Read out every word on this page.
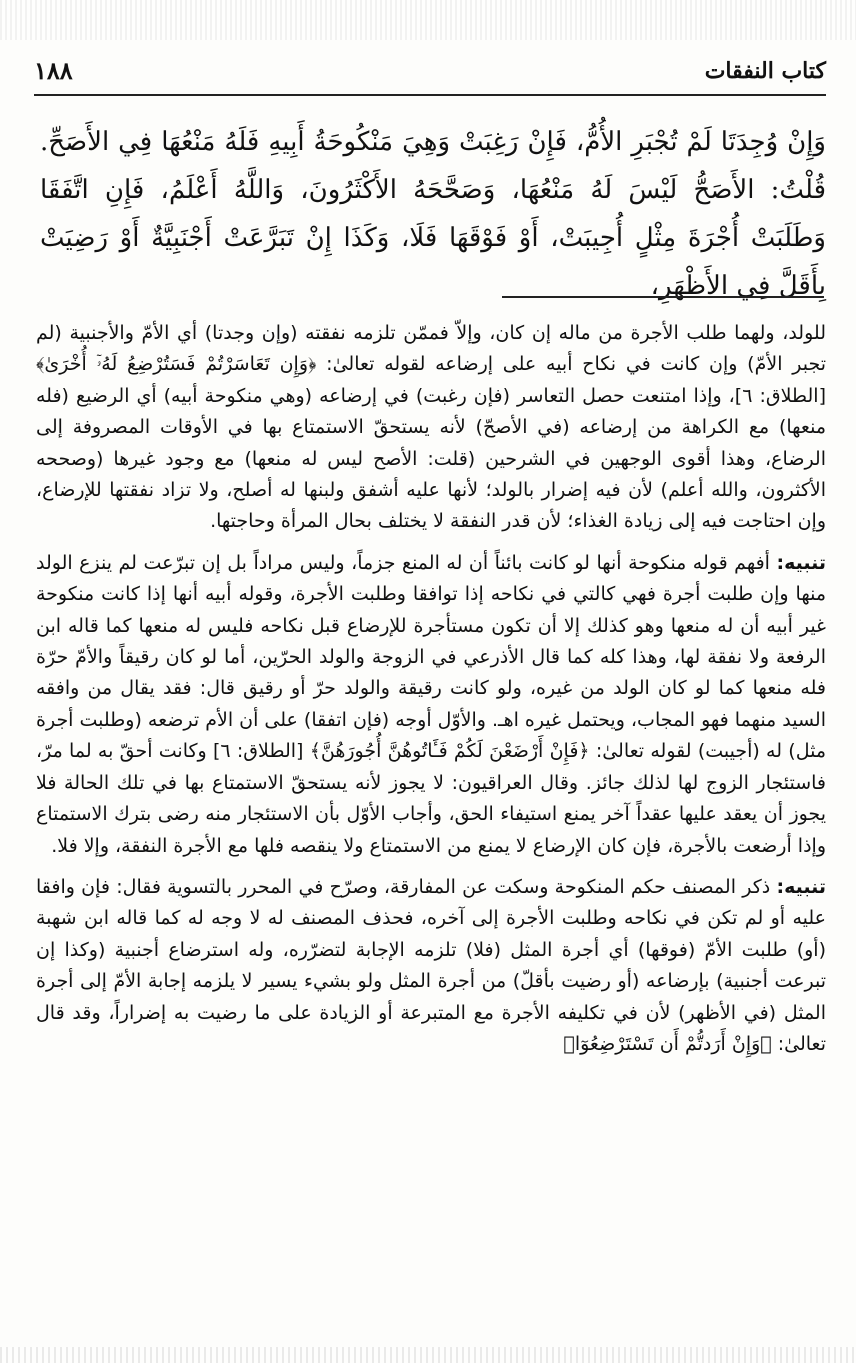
كتاب النفقات
١٨٨
وَإِنْ وُجِدَتَا لَمْ تُجْبَرِ الأُمُّ، فَإِنْ رَغِبَتْ وَهِيَ مَنْكُوحَةُ أَبِيهِ فَلَهُ مَنْعُهَا فِي الأَصَحِّ. قُلْتُ: الأَصَحُّ لَيْسَ لَهُ مَنْعُهَا، وَصَحَّحَهُ الأَكْثَرُونَ، وَاللَّهُ أَعْلَمُ، فَإِنِ اتَّفَقَا وَطَلَبَتْ أُجْرَةَ مِثْلٍ أُجِيبَتْ، أَوْ فَوْقَهَا فَلَا، وَكَذَا إِنْ تَبَرَّعَتْ أَجْنَبِيَّةٌ أَوْ رَضِيَتْ بِأَقَلَّ فِي الأَظْهَرِ،

للولد، ولهما طلب الأجرة من ماله إن كان، وإلاّ فممّن تلزمه نفقته (وإن وجدتا) أي الأمّ والأجنبية (لم تجبر الأمّ) وإن كانت في نكاح أبيه على إرضاعه لقوله تعالىٰ: ﴿وَإِن تَعَاسَرْتُمْ فَسَتُرْضِعُ لَهُۥٓ أُخْرَىٰ﴾ [الطلاق: ٦]، وإذا امتنعت حصل التعاسر (فإن رغبت) في إرضاعه (وهي منكوحة أبيه) أي الرضيع (فله منعها) مع الكراهة من إرضاعه (في الأصحّ) لأنه يستحقّ الاستمتاع بها في الأوقات المصروفة إلى الرضاع، وهذا أقوى الوجهين في الشرحين (قلت: الأصح ليس له منعها) مع وجود غيرها (وصححه الأكثرون، والله أعلم) لأن فيه إضرار بالولد؛ لأنها عليه أشفق ولبنها له أصلح، ولا تزاد نفقتها للإرضاع، وإن احتاجت فيه إلى زيادة الغذاء؛ لأن قدر النفقة لا يختلف بحال المرأة وحاجتها.

تنبيه: أفهم قوله منكوحة أنها لو كانت بائناً أن له المنع جزماً، وليس مراداً بل إن تبرّعت لم ينزع الولد منها وإن طلبت أجرة فهي كالتي في نكاحه إذا توافقا وطلبت الأجرة، وقوله أبيه أنها إذا كانت منكوحة غير أبيه أن له منعها وهو كذلك إلا أن تكون مستأجرة للإرضاع قبل نكاحه فليس له منعها كما قاله ابن الرفعة ولا نفقة لها، وهذا كله كما قال الأذرعي في الزوجة والولد الحرّين، أما لو كان رقيقاً والأمّ حرّة فله منعها كما لو كان الولد من غيره، ولو كانت رقيقة والولد حرّ أو رقيق قال: فقد يقال من وافقه السيد منهما فهو المجاب، ويحتمل غيره اهـ. والأوّل أوجه (فإن اتفقا) على أن الأم ترضعه (وطلبت أجرة مثل) له (أجيبت) لقوله تعالىٰ: ﴿فَإِنْ أَرْضَعْنَ لَكُمْ فَـَٔاتُوهُنَّ أُجُورَهُنَّ﴾ [الطلاق: ٦] وكانت أحقّ به لما مرّ، فاستئجار الزوج لها لذلك جائز. وقال العراقيون: لا يجوز لأنه يستحقّ الاستمتاع بها في تلك الحالة فلا يجوز أن يعقد عليها عقداً آخر يمنع استيفاء الحق، وأجاب الأوّل بأن الاستئجار منه رضى بترك الاستمتاع وإذا أرضعت بالأجرة، فإن كان الإرضاع لا يمنع من الاستمتاع ولا ينقصه فلها مع الأجرة النفقة، وإلا فلا.

تنبيه: ذكر المصنف حكم المنكوحة وسكت عن المفارقة، وصرّح في المحرر بالتسوية فقال: فإن وافقا عليه أو لم تكن في نكاحه وطلبت الأجرة إلى آخره، فحذف المصنف له لا وجه له كما قاله ابن شهبة (أو) طلبت الأمّ (فوقها) أي أجرة المثل (فلا) تلزمه الإجابة لتضرّره، وله استرضاع أجنبية (وكذا إن تبرعت أجنبية) بإرضاعه (أو رضيت بأقلّ) من أجرة المثل ولو بشيء يسير لا يلزمه إجابة الأمّ إلى أجرة المثل (في الأظهر) لأن في تكليفه الأجرة مع المتبرعة أو الزيادة على ما رضيت به إضراراً، وقد قال تعالىٰ: ﴿وَإِنْ أَرَدتُّمْ أَن تَسْتَرْضِعُوٓا۟
